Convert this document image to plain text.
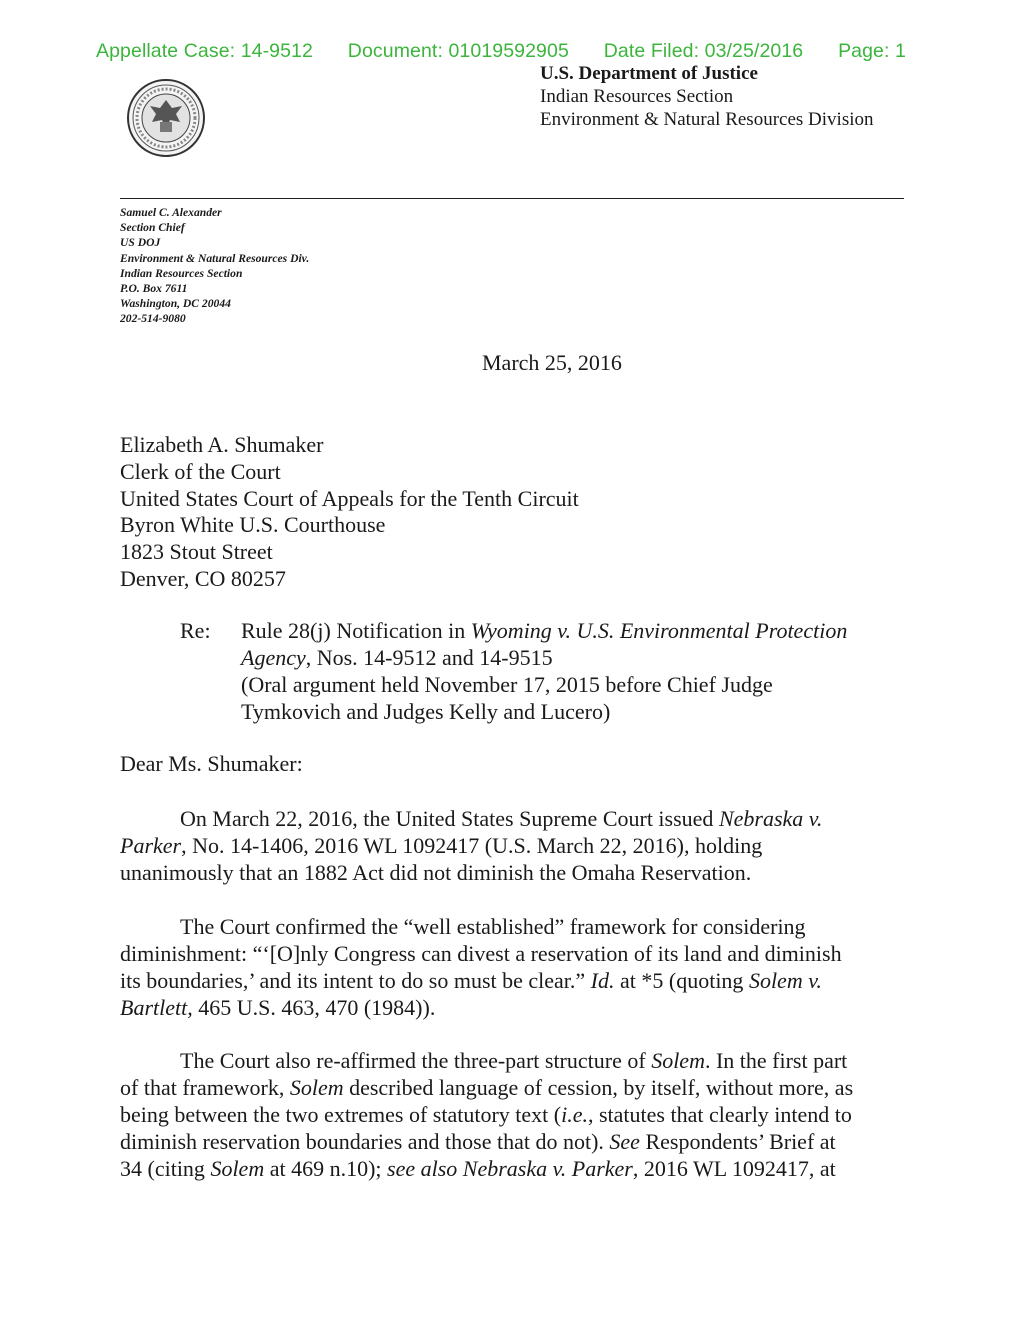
Appellate Case: 14-9512 Document: 01019592905 Date Filed: 03/25/2016 Page: 1
U.S. Department of Justice
Indian Resources Section
Environment & Natural Resources Division
Samuel C. Alexander
Section Chief
US DOJ
Environment & Natural Resources Div.
Indian Resources Section
P.O. Box 7611
Washington, DC 20044
202-514-9080
March 25, 2016
Elizabeth A. Shumaker
Clerk of the Court
United States Court of Appeals for the Tenth Circuit
Byron White U.S. Courthouse
1823 Stout Street
Denver, CO 80257
Re: Rule 28(j) Notification in Wyoming v. U.S. Environmental Protection
Agency, Nos. 14-9512 and 14-9515
(Oral argument held November 17, 2015 before Chief Judge
Tymkovich and Judges Kelly and Lucero)
Dear Ms. Shumaker:
On March 22, 2016, the United States Supreme Court issued Nebraska v.
Parker, No. 14-1406, 2016 WL 1092417 (U.S. March 22, 2016), holding
unanimously that an 1882 Act did not diminish the Omaha Reservation.
The Court confirmed the “well established” framework for considering
diminishment: “‘[O]nly Congress can divest a reservation of its land and diminish
its boundaries,’ and its intent to do so must be clear.” Id. at *5 (quoting Solem v.
Bartlett, 465 U.S. 463, 470 (1984)).
The Court also re-affirmed the three-part structure of Solem. In the first part
of that framework, Solem described language of cession, by itself, without more, as
being between the two extremes of statutory text (i.e., statutes that clearly intend to
diminish reservation boundaries and those that do not). See Respondents’ Brief at
34 (citing Solem at 469 n.10); see also Nebraska v. Parker, 2016 WL 1092417, at
